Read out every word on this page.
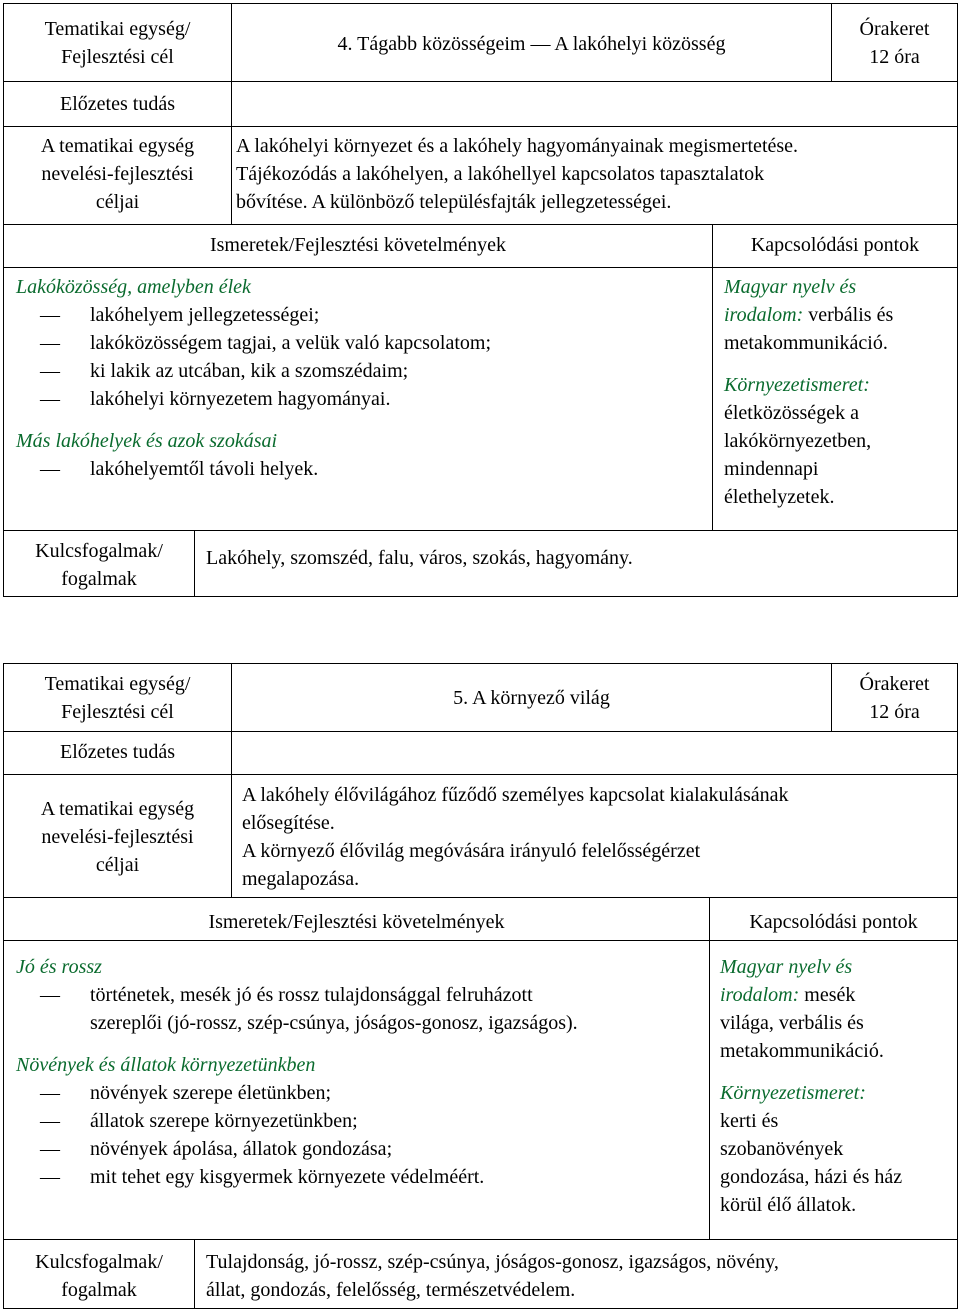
Tematikai egység/
Fejlesztési cél
4. Tágabb közösségeim — A lakóhelyi közösség
Órakeret
12 óra
Előzetes tudás
A tematikai egység
nevelési-fejlesztési
céljai
A lakóhelyi környezet és a lakóhely hagyományainak megismertetése.
Tájékozódás a lakóhelyen, a lakóhellyel kapcsolatos tapasztalatok
bővítése. A különböző településfajták jellegzetességei.
Ismeretek/Fejlesztési követelmények	Kapcsolódási pontok
Lakóközösség, amelyben élek
— lakóhelyem jellegzetességei;
— lakóközösségem tagjai, a velük való kapcsolatom;
— ki lakik az utcában, kik a szomszédaim;
— lakóhelyi környezetem hagyományai.
Más lakóhelyek és azok szokásai
— lakóhelyemtől távoli helyek.
Magyar nyelv és
irodalom: verbális és
metakommunikáció.
Környezetismeret:
életközösségek a
lakókörnyezetben,
mindennapi
élethelyzetek.
Kulcsfogalmak/
fogalmak
Lakóhely, szomszéd, falu, város, szokás, hagyomány.
Tematikai egység/
Fejlesztési cél
5. A környező világ
Órakeret
12 óra
Előzetes tudás
A tematikai egység
nevelési-fejlesztési
céljai
A lakóhely élővilágához fűződő személyes kapcsolat kialakulásának
elősegítése.
A környező élővilág megóvására irányuló felelősségérzet
megalapozása.
Ismeretek/Fejlesztési követelmények	Kapcsolódási pontok
Jó és rossz
— történetek, mesék jó és rossz tulajdonsággal felruházott
szereplői (jó-rossz, szép-csúnya, jóságos-gonosz, igazságos).
Növények és állatok környezetünkben
— növények szerepe életünkben;
— állatok szerepe környezetünkben;
— növények ápolása, állatok gondozása;
— mit tehet egy kisgyermek környezete védelméért.
Magyar nyelv és
irodalom: mesék
világa, verbális és
metakommunikáció.
Környezetismeret:
kerti és
szobanövények
gondozása, házi és ház
körül élő állatok.
Kulcsfogalmak/
fogalmak
Tulajdonság, jó-rossz, szép-csúnya, jóságos-gonosz, igazságos, növény,
állat, gondozás, felelősség, természetvédelem.
